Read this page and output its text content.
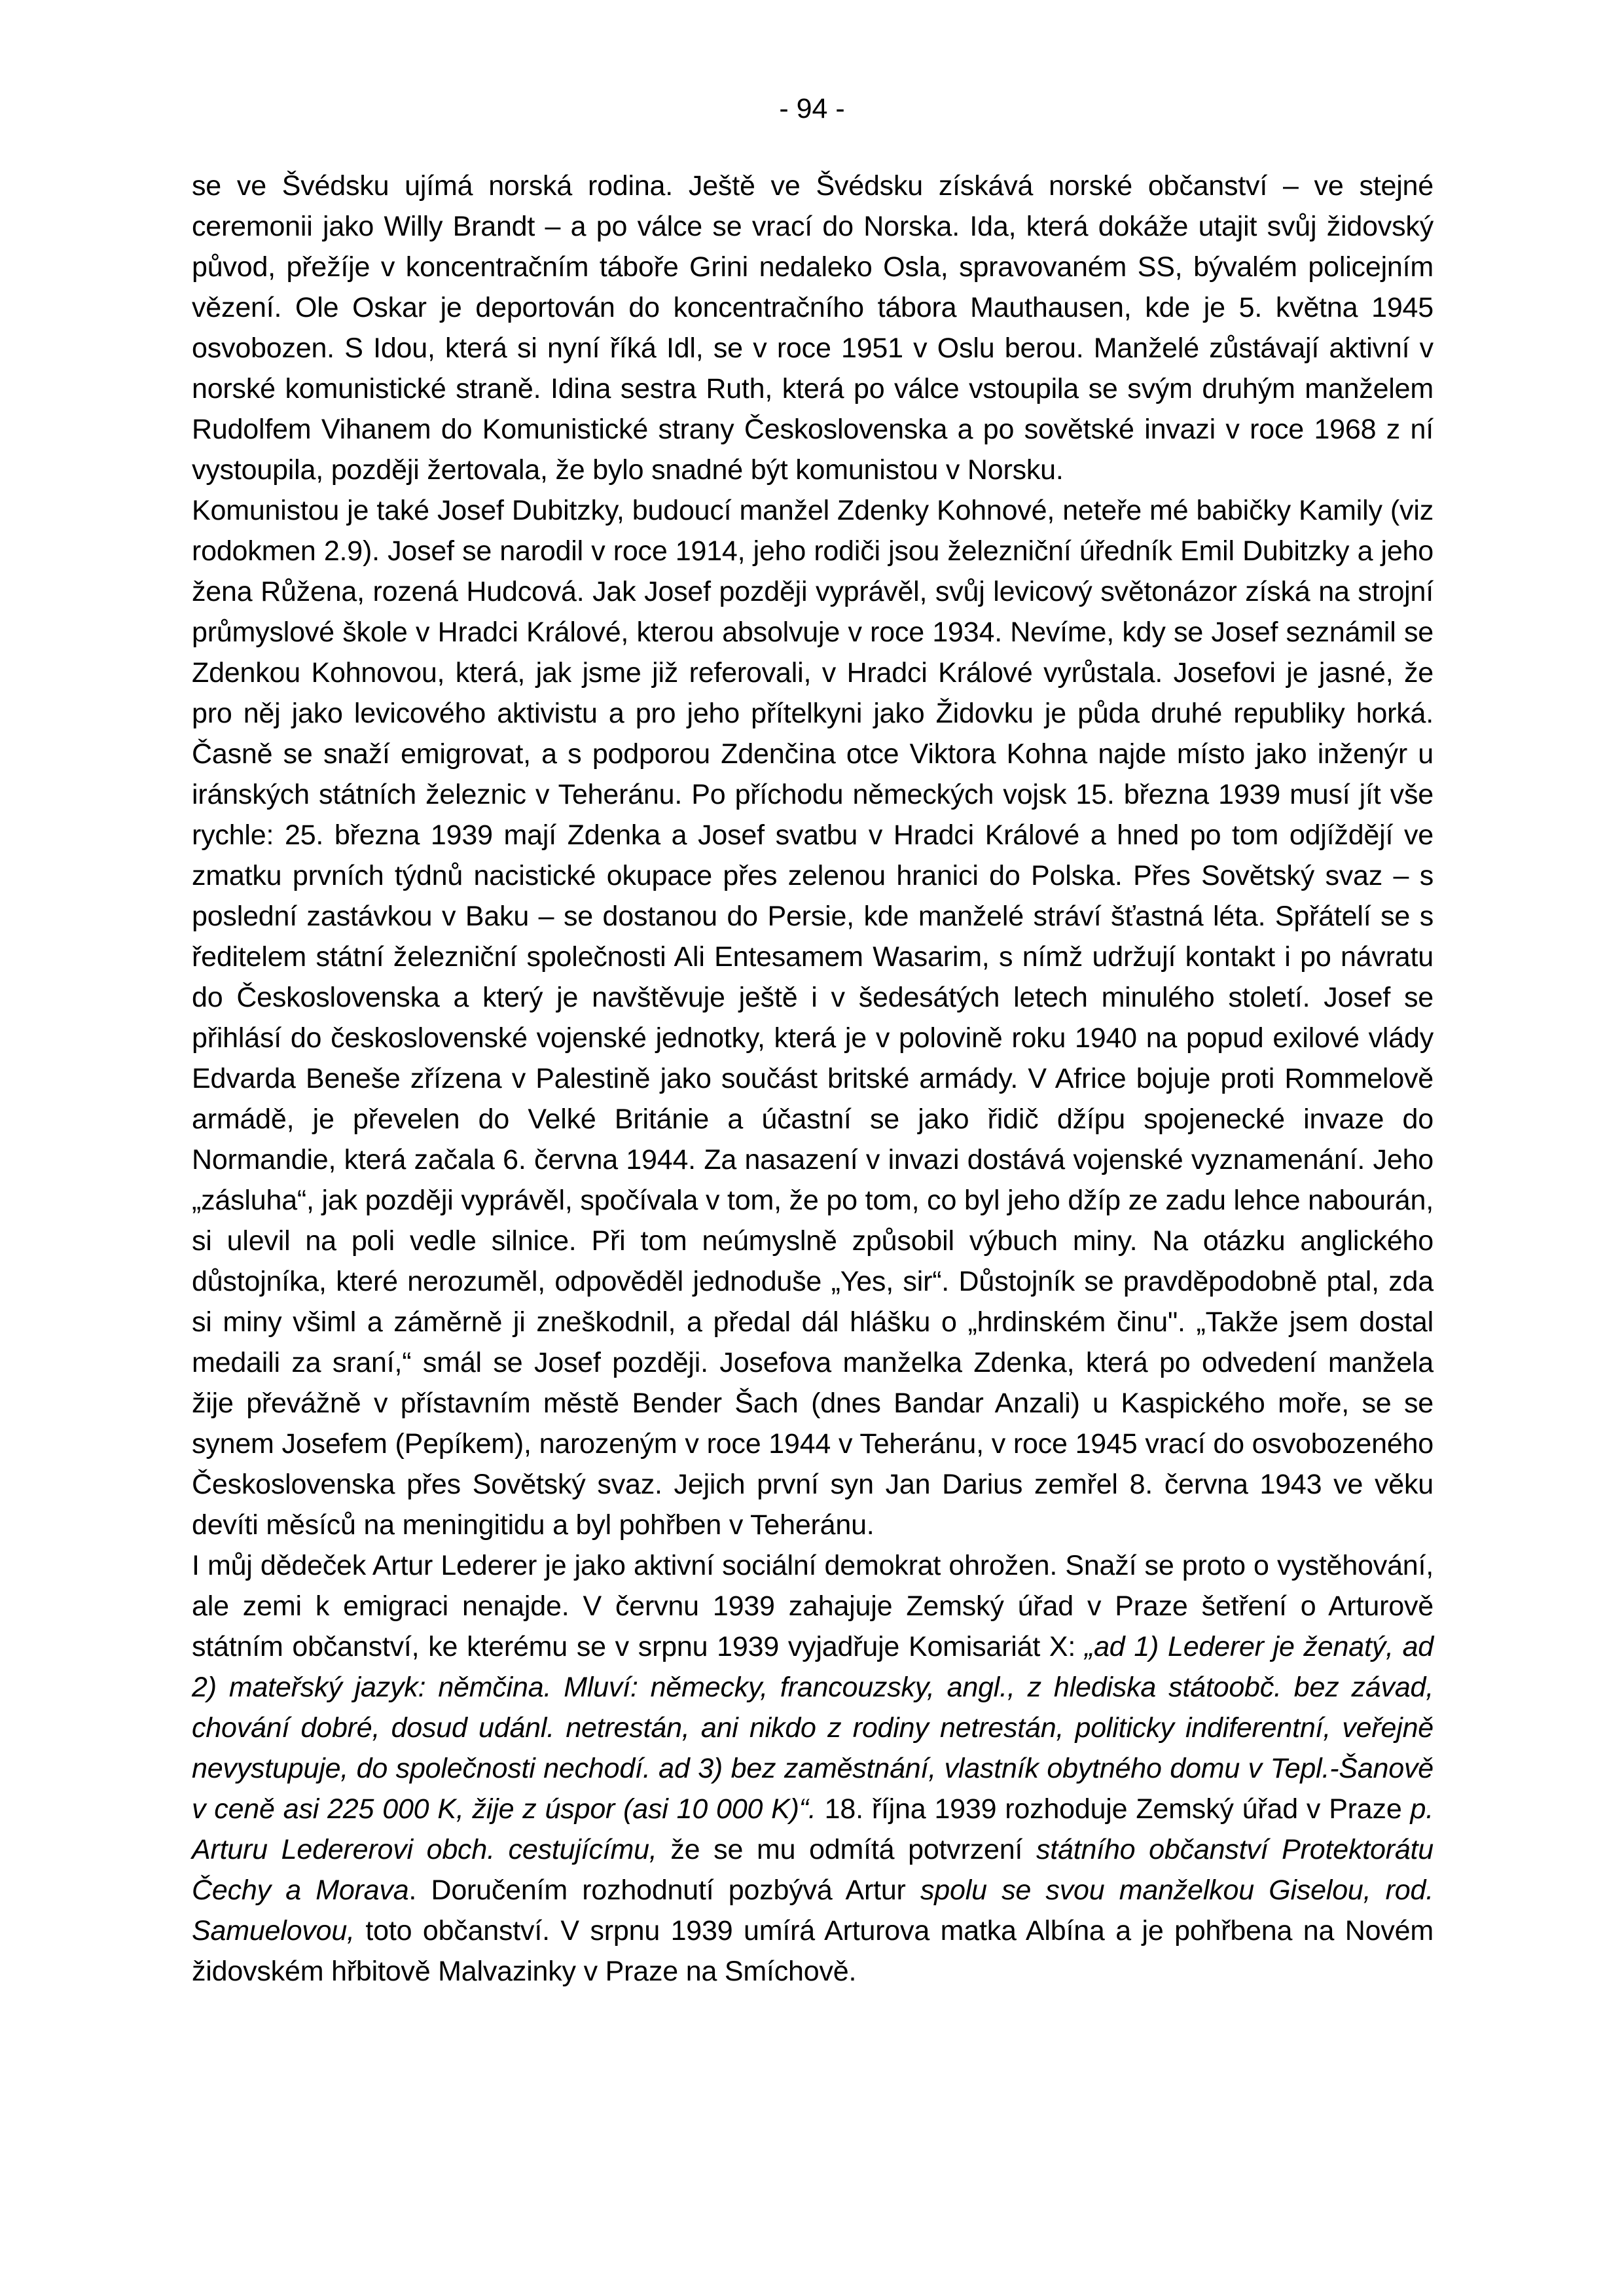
- 94 -

se ve Švédsku ujímá norská rodina. Ještě ve Švédsku získává norské občanství – ve stejné ceremonii jako Willy Brandt – a po válce se vrací do Norska. Ida, která dokáže utajit svůj židovský původ, přežíje v koncentračním táboře Grini nedaleko Osla, spravovaném SS, bývalém policejním vězení. Ole Oskar je deportován do koncentračního tábora Mauthausen, kde je 5. května 1945 osvobozen. S Idou, která si nyní říká Idl, se v roce 1951 v Oslu berou. Manželé zůstávají aktivní v norské komunistické straně. Idina sestra Ruth, která po válce vstoupila se svým druhým manželem Rudolfem Vihanem do Komunistické strany Československa a po sovětské invazi v roce 1968 z ní vystoupila, později žertovala, že bylo snadné být komunistou v Norsku.

Komunistou je také Josef Dubitzky, budoucí manžel Zdenky Kohnové, neteře mé babičky Kamily (viz rodokmen 2.9). Josef se narodil v roce 1914, jeho rodiči jsou železniční úředník Emil Dubitzky a jeho žena Růžena, rozená Hudcová. Jak Josef později vyprávěl, svůj levicový světonázor získá na strojní průmyslové škole v Hradci Králové, kterou absolvuje v roce 1934. Nevíme, kdy se Josef seznámil se Zdenkou Kohnovou, která, jak jsme již referovali, v Hradci Králové vyrůstala. Josefovi je jasné, že pro něj jako levicového aktivistu a pro jeho přítelkyni jako Židovku je půda druhé republiky horká. Časně se snaží emigrovat, a s podporou Zdenčina otce Viktora Kohna najde místo jako inženýr u iránských státních železnic v Teheránu. Po příchodu německých vojsk 15. března 1939 musí jít vše rychle: 25. března 1939 mají Zdenka a Josef svatbu v Hradci Králové a hned po tom odjíždějí ve zmatku prvních týdnů nacistické okupace přes zelenou hranici do Polska. Přes Sovětský svaz – s poslední zastávkou v Baku – se dostanou do Persie, kde manželé stráví šťastná léta. Spřátelí se s ředitelem státní železniční společnosti Ali Entesamem Wasarim, s nímž udržují kontakt i po návratu do Československa a který je navštěvuje ještě i v šedesátých letech minulého století. Josef se přihlásí do československé vojenské jednotky, která je v polovině roku 1940 na popud exilové vlády Edvarda Beneše zřízena v Palestině jako součást britské armády. V Africe bojuje proti Rommelově armádě, je převelen do Velké Británie a účastní se jako řidič džípu spojenecké invaze do Normandie, která začala 6. června 1944. Za nasazení v invazi dostává vojenské vyznamenání. Jeho „zásluha“, jak později vyprávěl, spočívala v tom, že po tom, co byl jeho džíp ze zadu lehce nabourán, si ulevil na poli vedle silnice. Při tom neúmyslně způsobil výbuch miny. Na otázku anglického důstojníka, které nerozuměl, odpověděl jednoduše „Yes, sir“. Důstojník se pravděpodobně ptal, zda si miny všiml a záměrně ji zneškodnil, a předal dál hlášku o „hrdinském činu". „Takže jsem dostal medaili za sraní,“ smál se Josef později. Josefova manželka Zdenka, která po odvedení manžela žije převážně v přístavním městě Bender Šach (dnes Bandar Anzali) u Kaspického moře, se se synem Josefem (Pepíkem), narozeným v roce 1944 v Teheránu, v roce 1945 vrací do osvobozeného Československa přes Sovětský svaz. Jejich první syn Jan Darius zemřel 8. června 1943 ve věku devíti měsíců na meningitidu a byl pohřben v Teheránu.

I můj dědeček Artur Lederer je jako aktivní sociální demokrat ohrožen. Snaží se proto o vystěhování, ale zemi k emigraci nenajde. V červnu 1939 zahajuje Zemský úřad v Praze šetření o Arturově státním občanství, ke kterému se v srpnu 1939 vyjadřuje Komisariát X: „ad 1) Lederer je ženatý, ad 2) mateřský jazyk: němčina. Mluví: německy, francouzsky, angl., z hlediska státoobč. bez závad, chování dobré, dosud udánl. netrestán, ani nikdo z rodiny netrestán, politicky indiferentní, veřejně nevystupuje, do společnosti nechodí. ad 3) bez zaměstnání, vlastník obytného domu v Tepl.-Šanově v ceně asi 225 000 K, žije z úspor (asi 10 000 K)“. 18. října 1939 rozhoduje Zemský úřad v Praze p. Arturu Ledererovi obch. cestujícímu, že se mu odmítá potvrzení státního občanství Protektorátu Čechy a Morava. Doručením rozhodnutí pozbývá Artur spolu se svou manželkou Giselou, rod. Samuelovou, toto občanství. V srpnu 1939 umírá Arturova matka Albína a je pohřbena na Novém židovském hřbitově Malvazinky v Praze na Smíchově.
